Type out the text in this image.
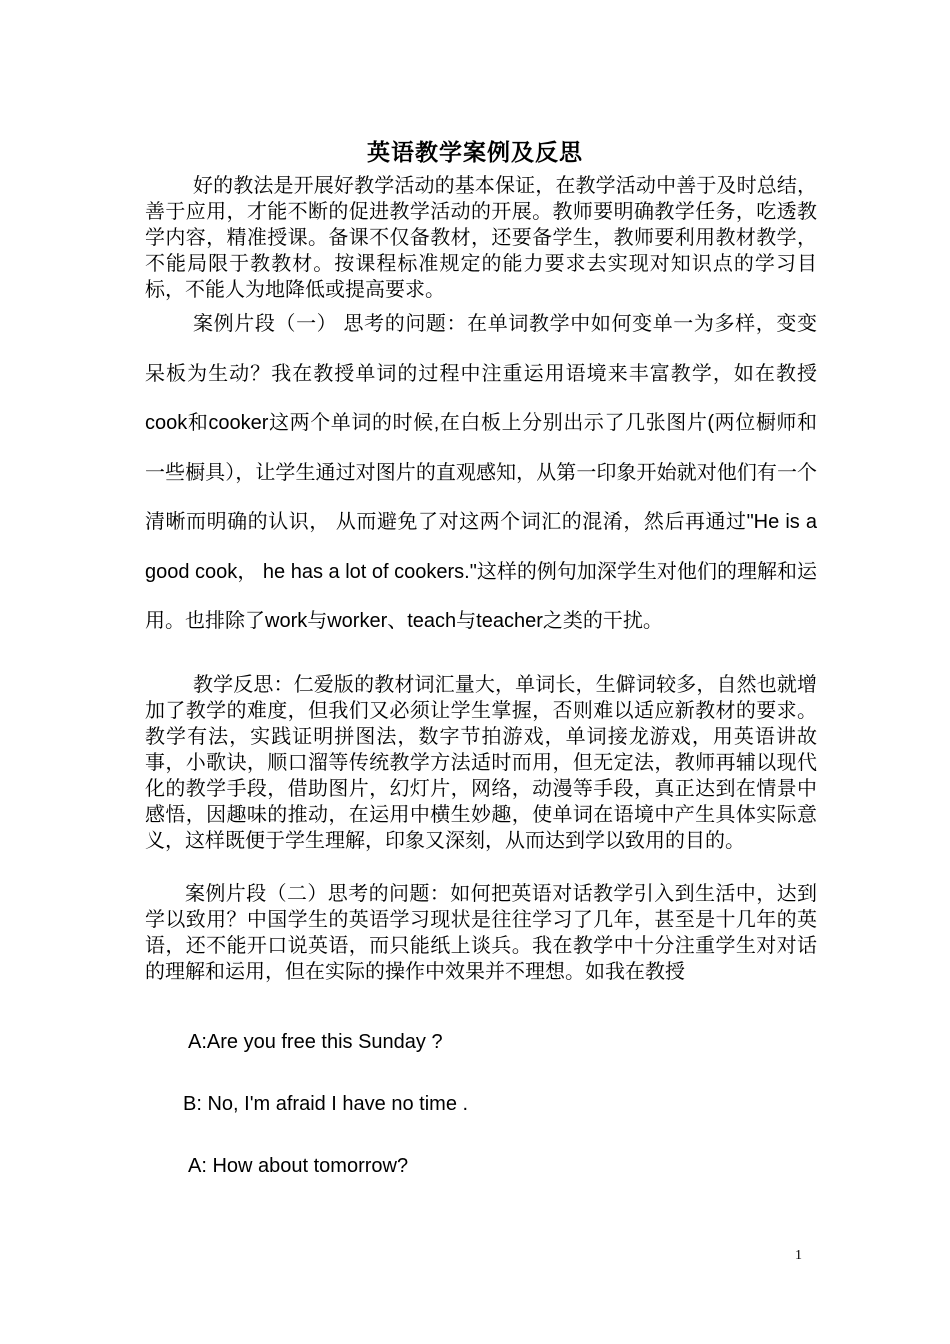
英语教学案例及反思

好的教法是开展好教学活动的基本保证，在教学活动中善于及时总结，善于应用，才能不断的促进教学活动的开展。教师要明确教学任务，吃透教学内容，精准授课。备课不仅备教材，还要备学生，教师要利用教材教学，不能局限于教教材。按课程标准规定的能力要求去实现对知识点的学习目标，不能人为地降低或提高要求。

案例片段（一） 思考的问题：在单词教学中如何变单一为多样，变变呆板为生动？我在教授单词的过程中注重运用语境来丰富教学，如在教授cook和cooker这两个单词的时候,在白板上分别出示了几张图片(两位橱师和一些橱具），让学生通过对图片的直观感知，从第一印象开始就对他们有一个清晰而明确的认识， 从而避免了对这两个词汇的混淆，然后再通过"He is a good cook， he has a lot of cookers."这样的例句加深学生对他们的理解和运用。也排除了work与worker、teach与teacher之类的干扰。

教学反思：仁爱版的教材词汇量大，单词长，生僻词较多，自然也就增加了教学的难度，但我们又必须让学生掌握，否则难以适应新教材的要求。教学有法，实践证明拼图法，数字节拍游戏，单词接龙游戏，用英语讲故事，小歌诀，顺口溜等传统教学方法适时而用，但无定法，教师再辅以现代化的教学手段，借助图片，幻灯片，网络，动漫等手段，真正达到在情景中感悟，因趣味的推动，在运用中横生妙趣，使单词在语境中产生具体实际意义，这样既便于学生理解，印象又深刻，从而达到学以致用的目的。

案例片段（二）思考的问题：如何把英语对话教学引入到生活中，达到学以致用？中国学生的英语学习现状是往往学习了几年，甚至是十几年的英语，还不能开口说英语，而只能纸上谈兵。我在教学中十分注重学生对对话的理解和运用，但在实际的操作中效果并不理想。如我在教授

A:Are you free this Sunday ?
B: No, I'm afraid I have no time .
A: How about tomorrow?
1
